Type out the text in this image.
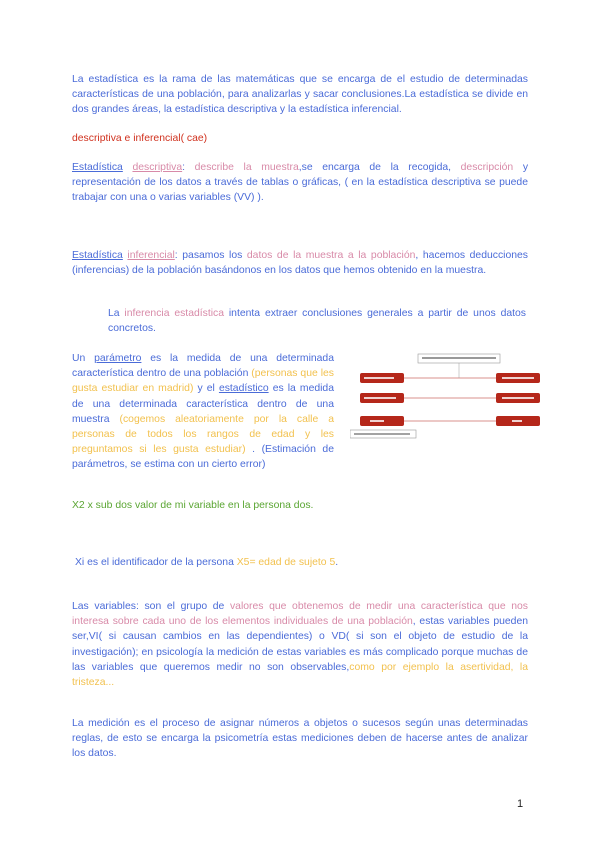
La estadística es la rama de las matemáticas que se encarga de el estudio de determinadas características de una población, para analizarlas y sacar conclusiones.La estadística se divide en dos grandes áreas, la estadística descriptiva y la estadística inferencial.

descriptiva e inferencial( cae)

Estadística descriptiva: describe la muestra,se encarga de la recogida, descripción y representación de los datos a través de tablas o gráficas, ( en la estadística descriptiva se puede trabajar con una o varias variables (VV) ).

Estadística inferencial: pasamos los datos de la muestra a la población, hacemos deducciones (inferencias) de la población basándonos en los datos que hemos obtenido en la muestra.

La inferencia estadística intenta extraer conclusiones generales a partir de unos datos concretos.

Un parámetro es la medida de una determinada característica dentro de una población (personas que les gusta estudiar en madrid) y el estadístico es la medida de una determinada característica dentro de una muestra (cogemos aleatoriamente por la calle a personas de todos los rangos de edad y les preguntamos si les gusta estudiar) . (Estimación de parámetros, se estima con un cierto error)

X2 x sub dos valor de mi variable en la persona dos.

Xi es el identificador de la persona X5= edad de sujeto 5.

Las variables: son el grupo de valores que obtenemos de medir una característica que nos interesa sobre cada uno de los elementos individuales de una población, estas variables pueden ser,VI( si causan cambios en las dependientes) o VD( si son el objeto de estudio de la investigación); en psicología la medición de estas variables es más complicado porque muchas de las variables que queremos medir no son observables,como por ejemplo la asertividad, la tristeza...

La medición es el proceso de asignar números a objetos o sucesos según unas determinadas reglas, de esto se encarga la psicometría estas mediciones deben de hacerse antes de analizar los datos.

1
